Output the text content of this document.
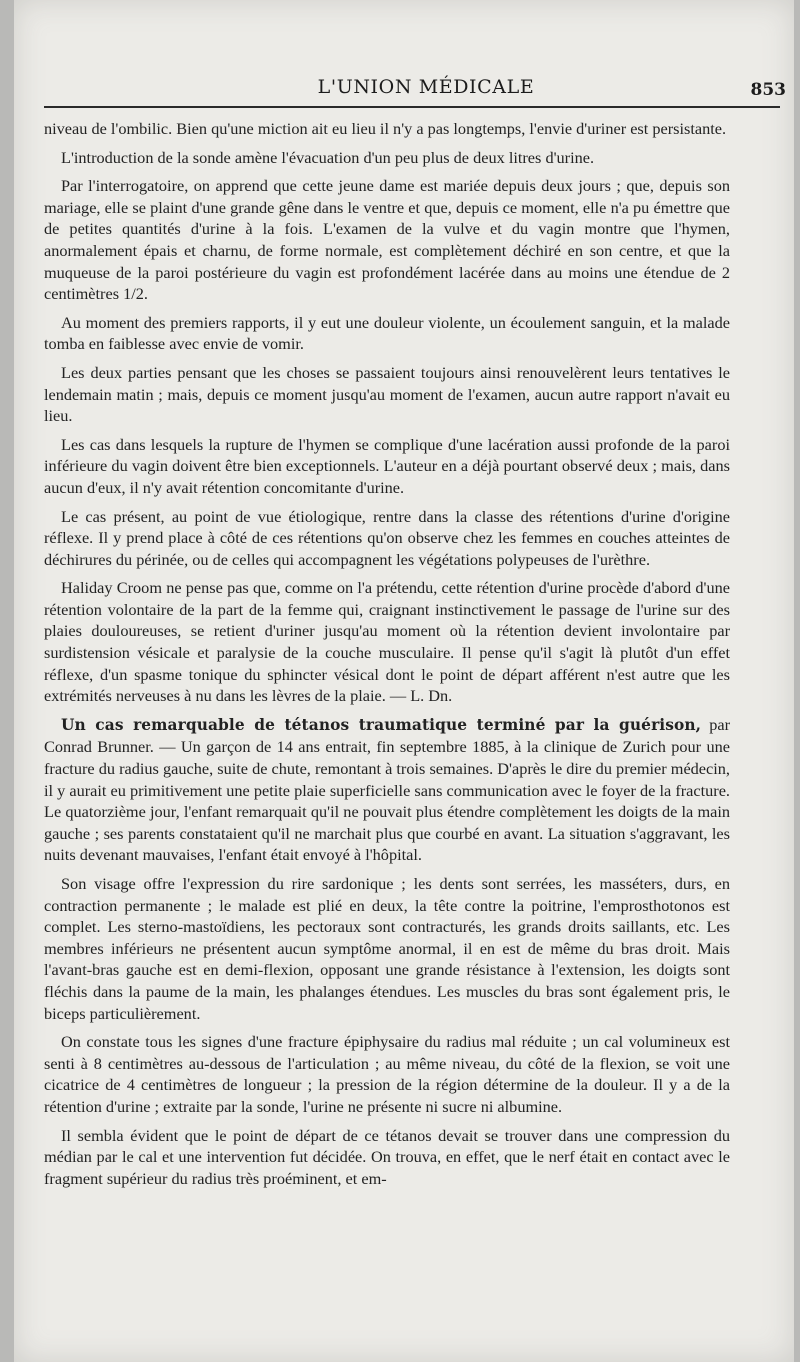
L'UNION MÉDICALE	853

niveau de l'ombilic. Bien qu'une miction ait eu lieu il n'y a pas longtemps, l'envie d'uriner est persistante.

L'introduction de la sonde amène l'évacuation d'un peu plus de deux litres d'urine.

Par l'interrogatoire, on apprend que cette jeune dame est mariée depuis deux jours ; que, depuis son mariage, elle se plaint d'une grande gêne dans le ventre et que, depuis ce moment, elle n'a pu émettre que de petites quantités d'urine à la fois. L'examen de la vulve et du vagin montre que l'hymen, anormalement épais et charnu, de forme normale, est complètement déchiré en son centre, et que la muqueuse de la paroi postérieure du vagin est profondément lacérée dans au moins une étendue de 2 centimètres 1/2.

Au moment des premiers rapports, il y eut une douleur violente, un écoulement sanguin, et la malade tomba en faiblesse avec envie de vomir.

Les deux parties pensant que les choses se passaient toujours ainsi renouvelèrent leurs tentatives le lendemain matin ; mais, depuis ce moment jusqu'au moment de l'examen, aucun autre rapport n'avait eu lieu.

Les cas dans lesquels la rupture de l'hymen se complique d'une lacération aussi profonde de la paroi inférieure du vagin doivent être bien exceptionnels. L'auteur en a déjà pourtant observé deux ; mais, dans aucun d'eux, il n'y avait rétention concomitante d'urine.

Le cas présent, au point de vue étiologique, rentre dans la classe des rétentions d'urine d'origine réflexe. Il y prend place à côté de ces rétentions qu'on observe chez les femmes en couches atteintes de déchirures du périnée, ou de celles qui accompagnent les végétations polypeuses de l'urèthre.

Haliday Croom ne pense pas que, comme on l'a prétendu, cette rétention d'urine procède d'abord d'une rétention volontaire de la part de la femme qui, craignant instinctivement le passage de l'urine sur des plaies douloureuses, se retient d'uriner jusqu'au moment où la rétention devient involontaire par surdistension vésicale et paralysie de la couche musculaire. Il pense qu'il s'agit là plutôt d'un effet réflexe, d'un spasme tonique du sphincter vésical dont le point de départ afférent n'est autre que les extrémités nerveuses à nu dans les lèvres de la plaie. — L. Dn.

Un cas remarquable de tétanos traumatique terminé par la guérison, par Conrad Brunner. — Un garçon de 14 ans entrait, fin septembre 1885, à la clinique de Zurich pour une fracture du radius gauche, suite de chute, remontant à trois semaines. D'après le dire du premier médecin, il y aurait eu primitivement une petite plaie superficielle sans communication avec le foyer de la fracture. Le quatorzième jour, l'enfant remarquait qu'il ne pouvait plus étendre complètement les doigts de la main gauche ; ses parents constataient qu'il ne marchait plus que courbé en avant. La situation s'aggravant, les nuits devenant mauvaises, l'enfant était envoyé à l'hôpital.

Son visage offre l'expression du rire sardonique ; les dents sont serrées, les masséters, durs, en contraction permanente ; le malade est plié en deux, la tête contre la poitrine, l'emprosthotonos est complet. Les sterno-mastoïdiens, les pectoraux sont contracturés, les grands droits saillants, etc. Les membres inférieurs ne présentent aucun symptôme anormal, il en est de même du bras droit. Mais l'avant-bras gauche est en demi-flexion, opposant une grande résistance à l'extension, les doigts sont fléchis dans la paume de la main, les phalanges étendues. Les muscles du bras sont également pris, le biceps particulièrement.

On constate tous les signes d'une fracture épiphysaire du radius mal réduite ; un cal volumineux est senti à 8 centimètres au-dessous de l'articulation ; au même niveau, du côté de la flexion, se voit une cicatrice de 4 centimètres de longueur ; la pression de la région détermine de la douleur. Il y a de la rétention d'urine ; extraite par la sonde, l'urine ne présente ni sucre ni albumine.

Il sembla évident que le point de départ de ce tétanos devait se trouver dans une compression du médian par le cal et une intervention fut décidée. On trouva, en effet, que le nerf était en contact avec le fragment supérieur du radius très proéminent, et em-
